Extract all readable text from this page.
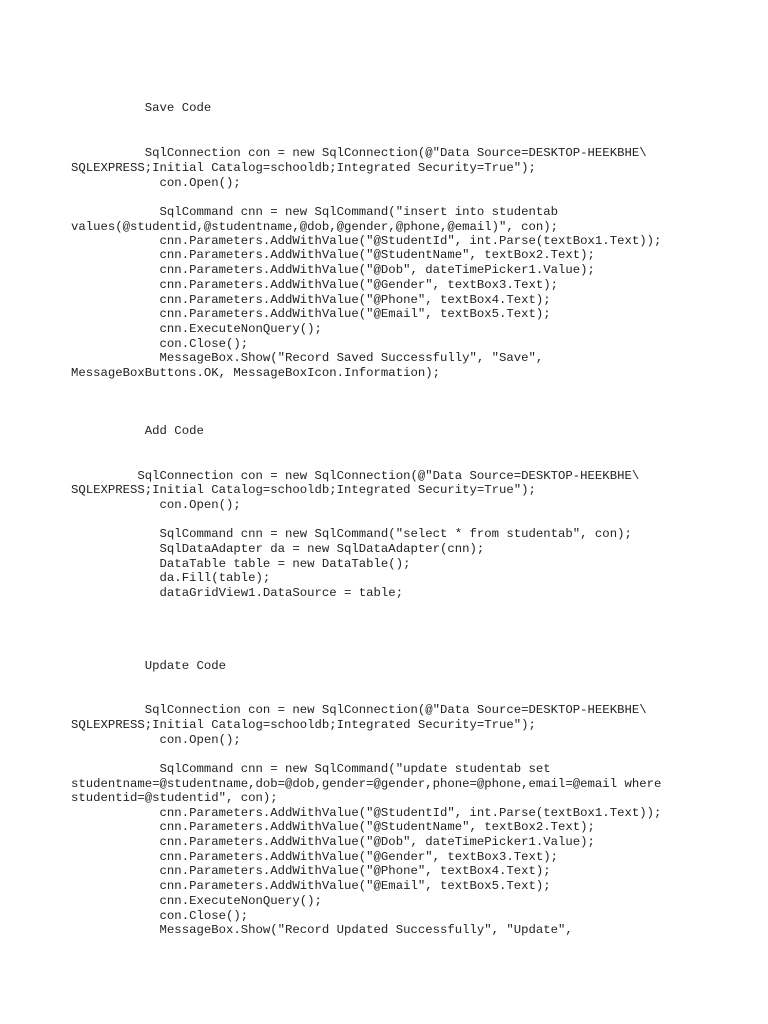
Save Code
SqlConnection con = new SqlConnection(@"Data Source=DESKTOP-HEEKBHE\
SQLEXPRESS;Initial Catalog=schooldb;Integrated Security=True");
con.Open();
SqlCommand cnn = new SqlCommand("insert into studentab
values(@studentid,@studentname,@dob,@gender,@phone,@email)", con);
cnn.Parameters.AddWithValue("@StudentId", int.Parse(textBox1.Text));
cnn.Parameters.AddWithValue("@StudentName", textBox2.Text);
cnn.Parameters.AddWithValue("@Dob", dateTimePicker1.Value);
cnn.Parameters.AddWithValue("@Gender", textBox3.Text);
cnn.Parameters.AddWithValue("@Phone", textBox4.Text);
cnn.Parameters.AddWithValue("@Email", textBox5.Text);
cnn.ExecuteNonQuery();
con.Close();
MessageBox.Show("Record Saved Successfully", "Save",
MessageBoxButtons.OK, MessageBoxIcon.Information);
Add Code
SqlConnection con = new SqlConnection(@"Data Source=DESKTOP-HEEKBHE\
SQLEXPRESS;Initial Catalog=schooldb;Integrated Security=True");
con.Open();
SqlCommand cnn = new SqlCommand("select * from studentab", con);
SqlDataAdapter da = new SqlDataAdapter(cnn);
DataTable table = new DataTable();
da.Fill(table);
dataGridView1.DataSource = table;
Update Code
SqlConnection con = new SqlConnection(@"Data Source=DESKTOP-HEEKBHE\
SQLEXPRESS;Initial Catalog=schooldb;Integrated Security=True");
con.Open();
SqlCommand cnn = new SqlCommand("update studentab set
studentname=@studentname,dob=@dob,gender=@gender,phone=@phone,email=@email where
studentid=@studentid", con);
cnn.Parameters.AddWithValue("@StudentId", int.Parse(textBox1.Text));
cnn.Parameters.AddWithValue("@StudentName", textBox2.Text);
cnn.Parameters.AddWithValue("@Dob", dateTimePicker1.Value);
cnn.Parameters.AddWithValue("@Gender", textBox3.Text);
cnn.Parameters.AddWithValue("@Phone", textBox4.Text);
cnn.Parameters.AddWithValue("@Email", textBox5.Text);
cnn.ExecuteNonQuery();
con.Close();
MessageBox.Show("Record Updated Successfully", "Update",
